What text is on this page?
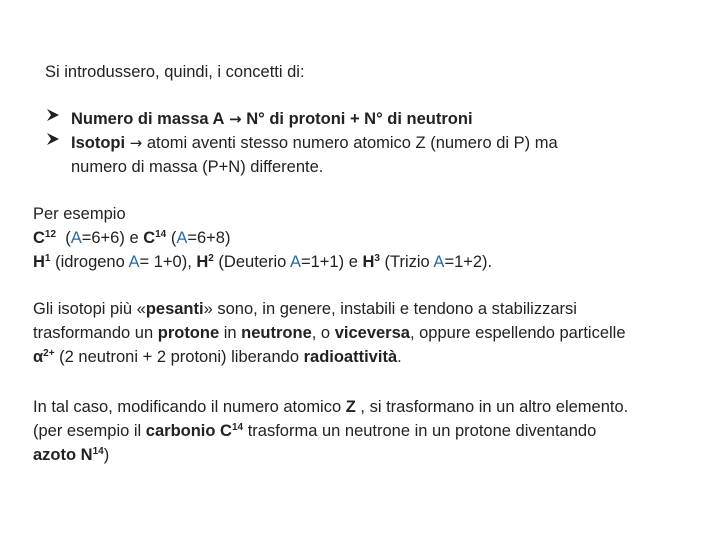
Si introdussero, quindi, i concetti di:
Numero di massa A → N° di protoni + N° di neutroni
Isotopi → atomi aventi stesso numero atomico Z (numero di P) ma
numero di massa (P+N) differente.
Per esempio
$C^{12}$ (A=6+6) e $C^{14}$ (A=6+8)
$H^1$ (idrogeno A= 1+0), $H^2$ (Deuterio A=1+1) e $H^3$ (Trizio A=1+2).
Gli isotopi più «pesanti» sono, in genere, instabili e tendono a stabilizzarsi
trasformando un protone in neutrone, o viceversa, oppure espellendo particelle
$\alpha^{2+}$ (2 neutroni + 2 protoni) liberando radioattività.
In tal caso, modificando il numero atomico Z , si trasformano in un altro elemento.
(per esempio il carbonio $C^{14}$ trasforma un neutrone in un protone diventando
azoto $N^{14}$)
